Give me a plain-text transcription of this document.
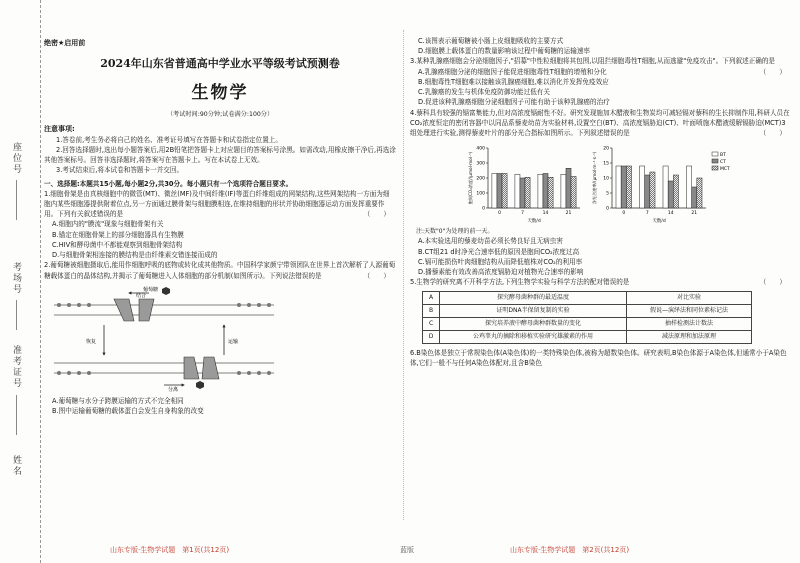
座位号
考场号
准考证号
姓名

绝密★启用前

2024年山东省普通高中学业水平等级考试预测卷

生物学

（考试时间:90分钟;试卷满分:100分）

注意事项:

1.答卷前,考生务必将自己的姓名、准考证号填写在答题卡和试卷指定位置上。

2.回答选择题时,选出每小题答案后,用2B铅笔把答题卡上对应题目的答案标号涂黑。如需改动,用橡皮擦干净后,再选涂其他答案标号。回答非选择题时,将答案写在答题卡上。写在本试卷上无效。

3.考试结束后,将本试卷和答题卡一并交回。

一、选择题:本题共15小题,每小题2分,共30分。每小题只有一个选项符合题目要求。

1.细胞骨架是由真核细胞中的微管(MT)、微丝(MF)及中间纤维(IF)等蛋白纤维组成的网架结构,这些网架结构一方面为细胞内某些细胞器提供附着位点,另一方面通过膜骨架与细胞膜相连,在维持细胞的形状并协助细胞器运动方面发挥重要作用。下列有关叙述错误的是	（　　）

A.细胞内的"膜流"现象与细胞骨架有关

B.锚定在细胞骨架上的部分细胞器具有生物膜

C.HIV和酵母菌中不都能观察到细胞骨架结构

D.与细胞骨架相连接的膜结构是由纤维素交错连接而成的

2.葡萄糖被细胞摄取后,能用作细胞呼吸的底物或转化成其他物质。中国科学家颜宁带领团队在世界上首次解析了人源葡萄糖载体蛋白的晶体结构,并揭示了葡萄糖进入人体细胞的部分机制(如图所示)。下列说法错误的是	（　　）

葡萄糖
结合
恢复	运输
分离

A.葡萄糖与水分子跨膜运输的方式不完全相同

B.图中运输葡萄糖的载体蛋白会发生自身构象的改变

C.该图表示葡萄糖被小肠上皮细胞吸收的主要方式

D.细胞膜上载体蛋白的数量影响该过程中葡萄糖的运输速率

3.某种乳腺癌细胞会分泌细胞因子,"招募"中性粒细胞将其包围,以阻拦细胞毒性T细胞,从而逃避"免疫攻击"。下列叙述正确的是
（　　）

A.乳腺癌细胞分泌的细胞因子能促进细胞毒性T细胞的增殖和分化

B.细胞毒性T细胞难以接触该乳腺癌细胞,难以消化并发挥免疫效应

C.乳腺癌的发生与机体免疫防御功能过低有关

D.促进该种乳腺癌细胞分泌细胞因子可能有助于该种乳腺癌的治疗

4.藜科具有较强的镉富集能力,但对高浓度镉耐性不好。研究发现施加木醋液和生物炭均可减轻镉对藜科的生长抑制作用,科研人员在CO₂浓度恒定的密闭容器中以同品系藜麦幼苗为实验材料,设置空白(BT)、高浓度镉胁迫(CT)、叶面喷施木醋液缓解镉胁迫(MCT)3组处理进行实验,测得藜麦叶片的部分光合指标如图所示。下列叙述错误的是	（　　）

0
100
200
300
400
胞间CO₂浓度/(μmol·mol⁻¹)
0	7	14	21
天数/d
0
5
10
15
20
净光合速率/(μmol·m⁻²·s⁻¹)
0	7	14	21
天数/d
BT
CT
MCT

注:天数"0"为处理的前一天。

A.本实验选用的藜麦幼苗必须长势良好且无病虫害

B.CT组21 d时净光合速率低的原因是胞间CO₂浓度过高

C.镉可能损伤叶肉细胞结构从而降低植株对CO₂的利用率

D.播藜素能有效改善高浓度镉胁迫对植物光合速率的影响

5.生物学的研究离不开科学方法,下列生物学实验与科学方法的配对错误的是	（　　）

A	探究酵母菌种群的最适温度	对比实验
B	证明DNA半保留复制的实验	假说—演绎法和同位素标记法
C	探究培养液中酵母菌种群数量的变化	抽样检测法计数法
D	公鸡睾丸的摘除和移植实验研究雄激素的作用	减法原理和加法原理

6.B染色体是独立于常规染色体(A染色体)的一类特殊染色体,被称为超数染色体。研究表明,B染色体源于A染色体,但通常小于A染色体,它们一般不与任何A染色体配对,且含B染色

山东专版·生物学试题　第1页(共12页)	蓝版	山东专版·生物学试题　第2页(共12页)
